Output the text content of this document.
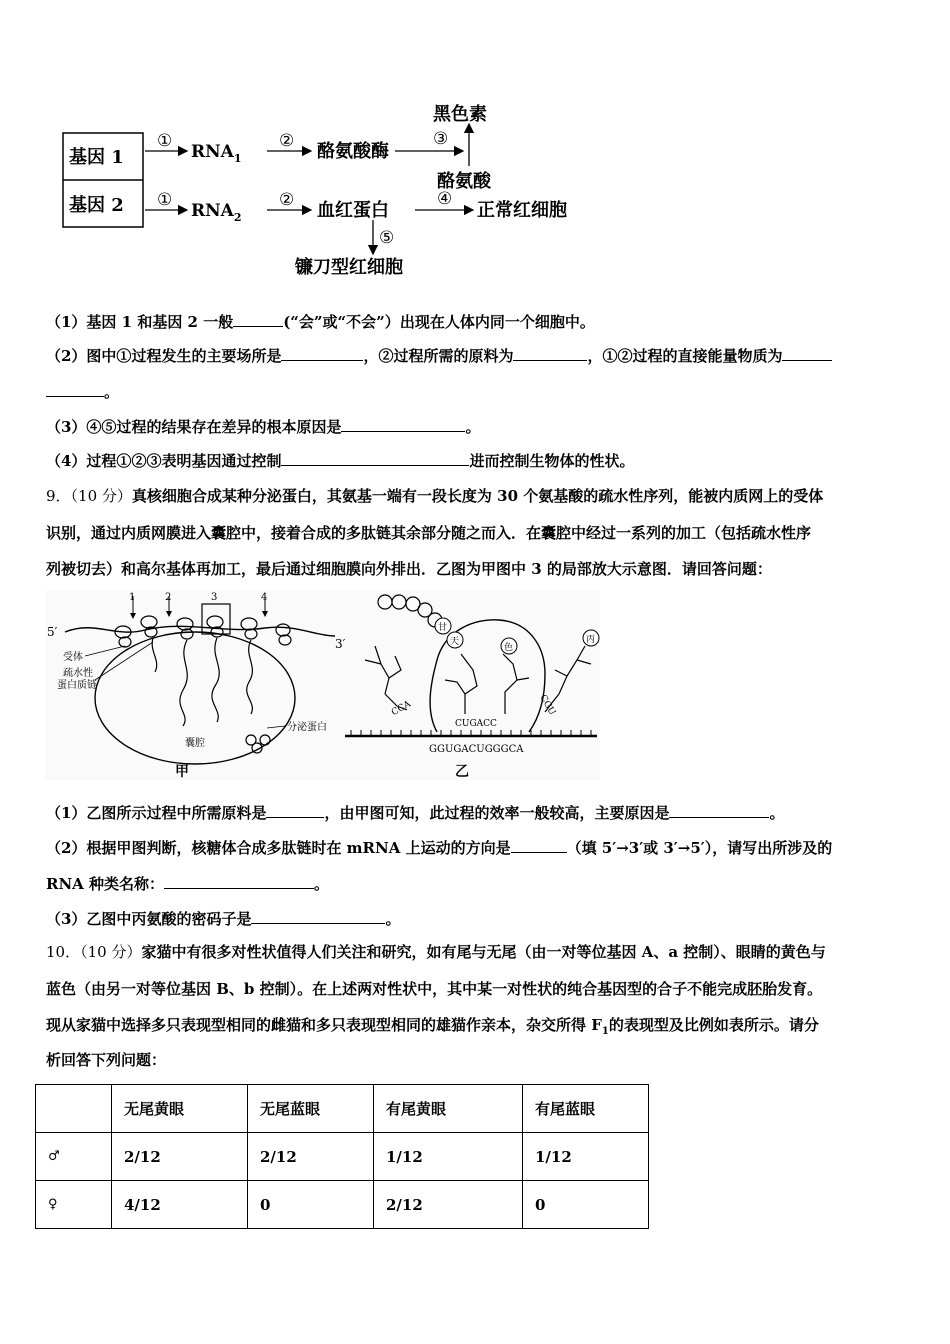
基因 1
基因 2
①
$RNA_1$
② 酪氨酸酶
③
黑色素
酪氨酸
①
$RNA_2$
② 血红蛋白
④
正常红细胞
⑤
镰刀型红细胞
（1）基因 1 和基因 2 一般	(“会”或“不会”）出现在人体内同一个细胞中。
（2）图中①过程发生的主要场所是	，②过程所需的原料为	，①②过程的直接能量物质为
。
（3）④⑤过程的结果存在差异的根本原因是	。
（4）过程①②③表明基因通过控制	进而控制生物体的性状。
9．（10 分）真核细胞合成某种分泌蛋白，其氨基一端有一段长度为 30 个氨基酸的疏水性序列，能被内质网上的受体
识别，通过内质网膜进入囊腔中，接着合成的多肽链其余部分随之而入．在囊腔中经过一系列的加工（包括疏水性序
列被切去）和高尔基体再加工，最后通过细胞膜向外排出．乙图为甲图中 3 的局部放大示意图．请回答问题：
5′
3′
1	2	3	4
受体
疏水性
蛋白质链
囊腔
分泌蛋白
甲
GGUGACUGGGCA
CCA
甘
天
色
CUGACC
丙
CGU
乙
（1）乙图所示过程中所需原料是	，由甲图可知，此过程的效率一般较高，主要原因是	。
（2）根据甲图判断，核糖体合成多肽链时在 mRNA 上运动的方向是	（填 5′→3′或 3′→5′），请写出所涉及的
RNA 种类名称：	。
（3）乙图中丙氨酸的密码子是	。
10．（10 分）家猫中有很多对性状值得人们关注和研究，如有尾与无尾（由一对等位基因 A、a 控制）、眼睛的黄色与
蓝色（由另一对等位基因 B、b 控制）。在上述两对性状中，其中某一对性状的纯合基因型的合子不能完成胚胎发育。
现从家猫中选择多只表现型相同的雌猫和多只表现型相同的雄猫作亲本，杂交所得 $F_1$的表现型及比例如表所示。请分
析回答下列问题：
	无尾黄眼	无尾蓝眼	有尾黄眼	有尾蓝眼
♂	2/12	2/12	1/12	1/12
♀	4/12	0	2/12	0
